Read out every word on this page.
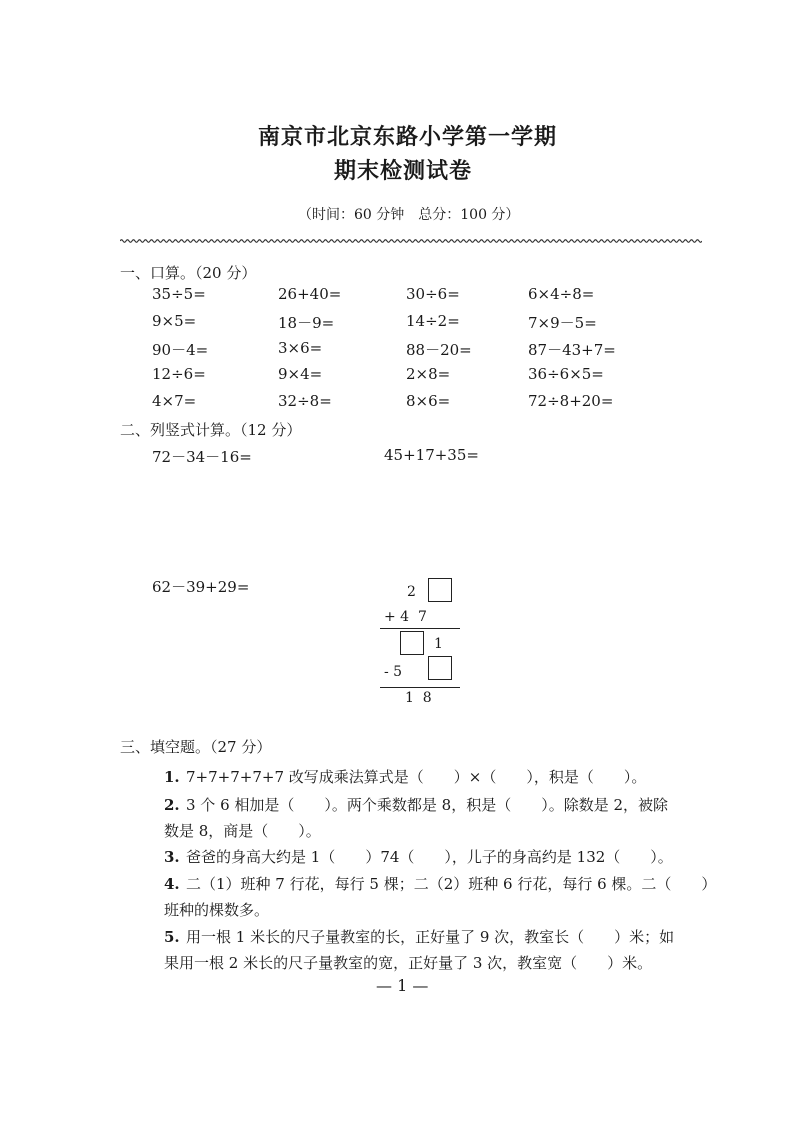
南京市北京东路小学第一学期
期末检测试卷
（时间：60 分钟　总分：100 分）
一、口算。（20 分）
35÷5=	26+40=	30÷6=	6×4÷8=
9×5=	18－9=	14÷2=	7×9－5=
90－4=	3×6=	88－20=	87－43+7=
12÷6=	9×4=	2×8=	36÷6×5=
4×7=	32÷8=	8×6=	72÷8+20=
二、列竖式计算。（12 分）
72－34－16=	45+17+35=
62－39+29=	2
+ 4  7
1
- 5
1  8
三、填空题。（27 分）
1. 7+7+7+7+7 改写成乘法算式是（　　）×（　　），积是（　　）。
2. 3 个 6 相加是（　　）。两个乘数都是 8，积是（　　）。除数是 2，被除
数是 8，商是（　　）。
3. 爸爸的身高大约是 1（　　）74（　　），儿子的身高约是 132（　　）。
4. 二（1）班种 7 行花，每行 5 棵；二（2）班种 6 行花，每行 6 棵。二（　　）
班种的棵数多。
5. 用一根 1 米长的尺子量教室的长，正好量了 9 次，教室长（　　）米；如
果用一根 2 米长的尺子量教室的宽，正好量了 3 次，教室宽（　　）米。
— 1 —
